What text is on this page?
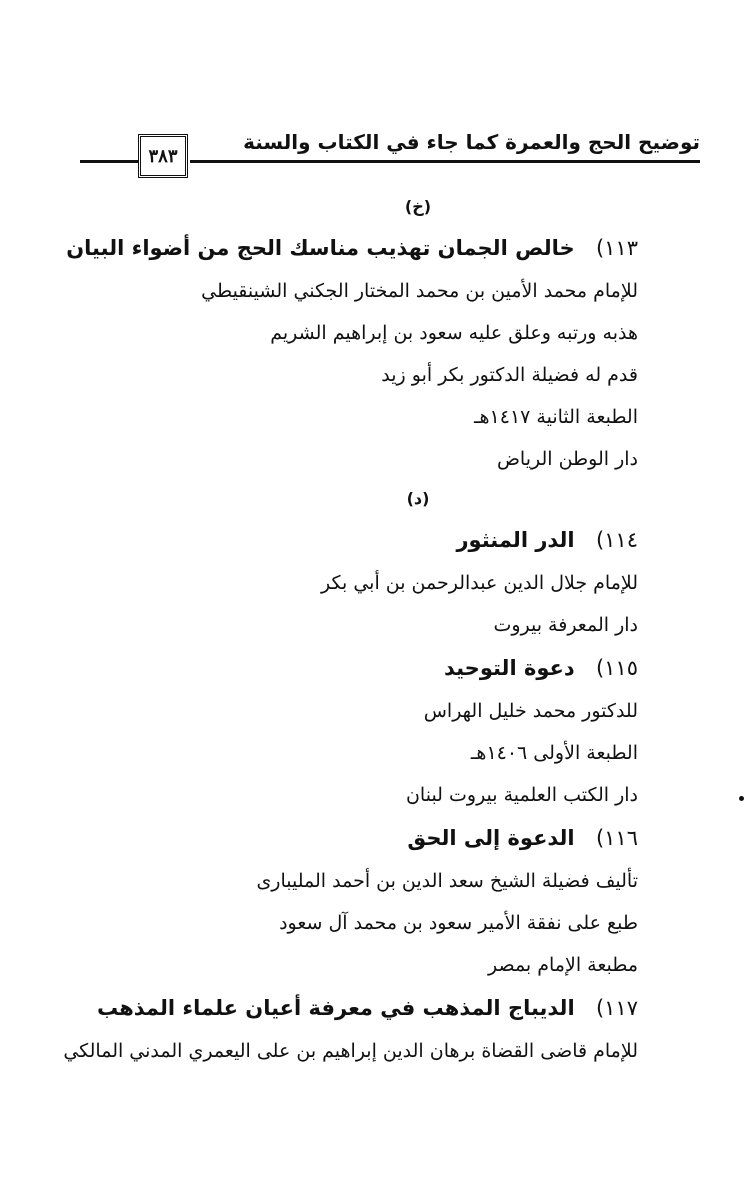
٣٨٣
توضيح الحج والعمرة كما جاء في الكتاب والسنة
(خ)
١١٣) خالص الجمان تهذيب مناسك الحج من أضواء البيان
للإمام محمد الأمين بن محمد المختار الجكني الشينقيطي
هذبه ورتبه وعلق عليه سعود بن إبراهيم الشريم
قدم له فضيلة الدكتور بكر أبو زيد
الطبعة الثانية ١٤١٧هـ
دار الوطن الرياض
(د)
١١٤) الدر المنثور
للإمام جلال الدين عبدالرحمن بن أبي بكر
دار المعرفة بيروت
١١٥) دعوة التوحيد
للدكتور محمد خليل الهراس
الطبعة الأولى ١٤٠٦هـ
دار الكتب العلمية بيروت لبنان
١١٦) الدعوة إلى الحق
تأليف فضيلة الشيخ سعد الدين بن أحمد المليبارى
طبع على نفقة الأمير سعود بن محمد آل سعود
مطبعة الإمام بمصر
١١٧) الديباج المذهب في معرفة أعيان علماء المذهب
للإمام قاضى القضاة برهان الدين إبراهيم بن على اليعمري المدني المالكي
